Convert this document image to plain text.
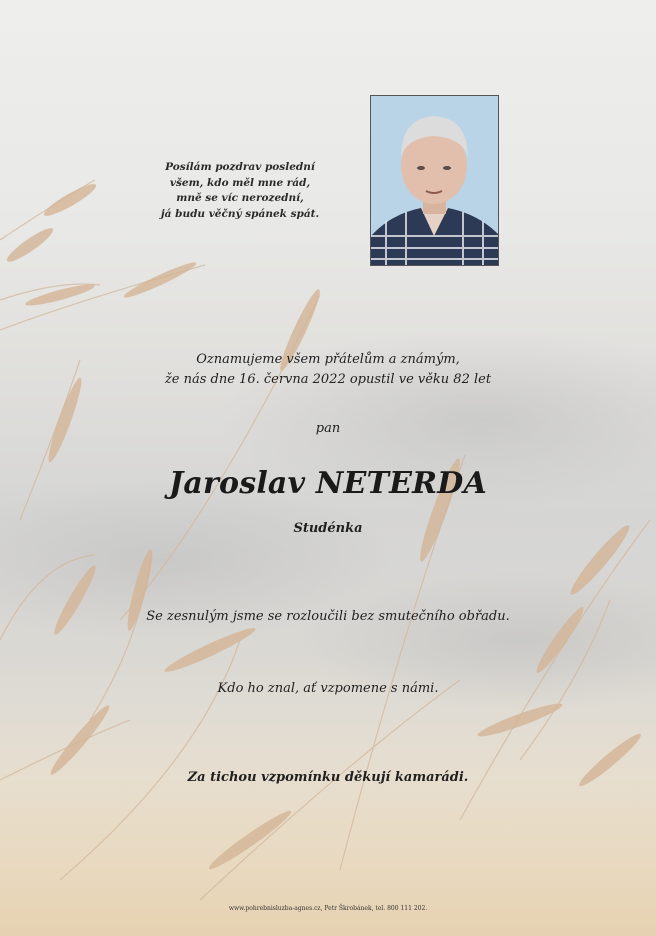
Posílám pozdrav poslední
všem, kdo měl mne rád,
mně se víc nerozední,
já budu věčný spánek spát.

Oznamujeme všem přátelům a známým,
že nás dne 16. června 2022 opustil ve věku 82 let

pan

Jaroslav NETERDA

Studénka

Se zesnulým jsme se rozloučili bez smutečního obřadu.

Kdo ho znal, ať vzpomene s námi.

Za tichou vzpomínku děkují kamarádi.

www.pohrebnisluzba-agnes.cz, Petr Škrobánek, tel. 800 111 202.
